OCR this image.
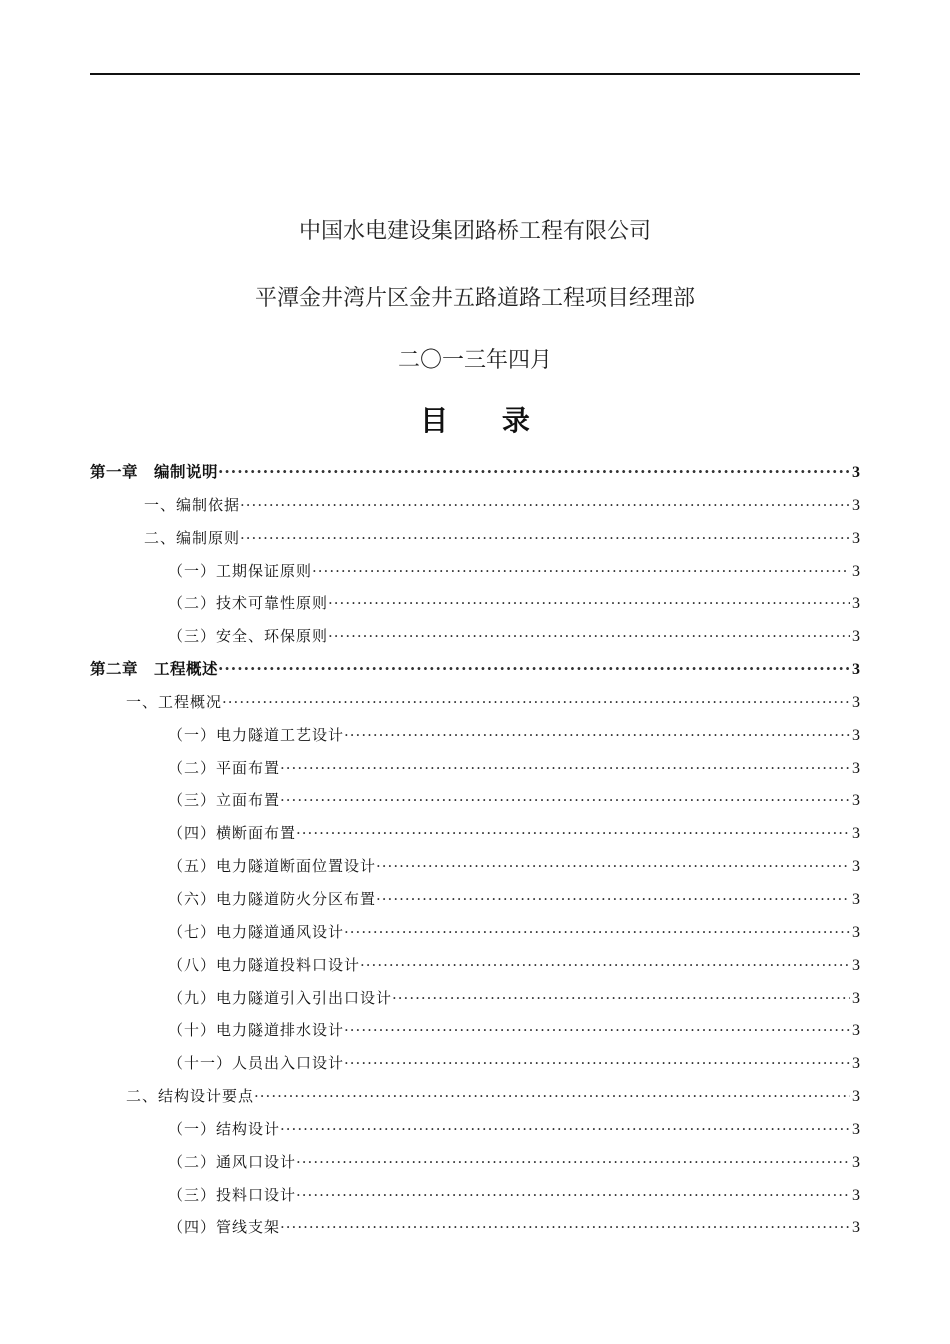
中国水电建设集团路桥工程有限公司
平潭金井湾片区金井五路道路工程项目经理部
二〇一三年四月
目 录
第一章　编制说明 ·····	3
一、编制依据 ·····	3
二、编制原则 ·····	3
（一）工期保证原则 ·····	3
（二）技术可靠性原则 ·····	3
（三）安全、环保原则 ·····	3
第二章　工程概述 ·····	3
一、工程概况 ·····	3
（一）电力隧道工艺设计 ·····	3
（二）平面布置 ·····	3
（三）立面布置 ·····	3
（四）横断面布置 ·····	3
（五）电力隧道断面位置设计 ·····	3
（六）电力隧道防火分区布置 ·····	3
（七）电力隧道通风设计 ·····	3
（八）电力隧道投料口设计 ·····	3
（九）电力隧道引入引出口设计 ·····	3
（十）电力隧道排水设计 ·····	3
（十一）人员出入口设计 ·····	3
二、结构设计要点 ·····	3
（一）结构设计 ·····	3
（二）通风口设计 ·····	3
（三）投料口设计 ·····	3
（四）管线支架 ·····	3
